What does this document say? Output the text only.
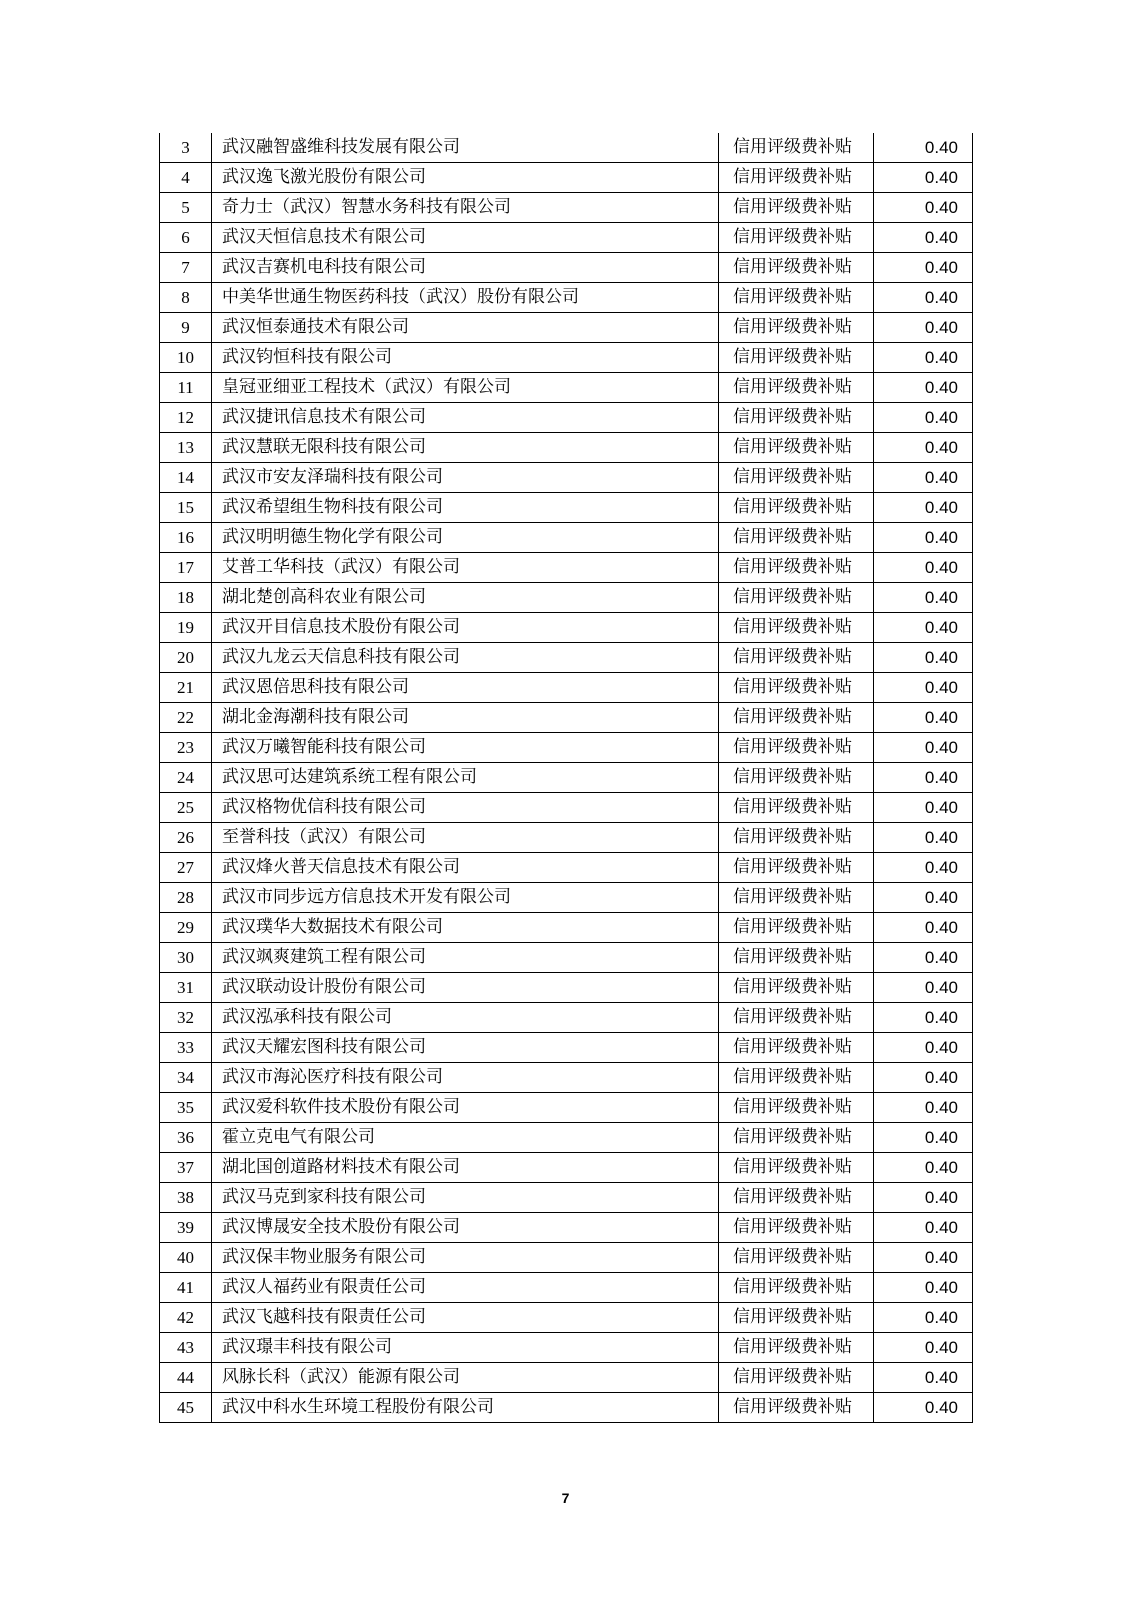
3	武汉融智盛维科技发展有限公司	信用评级费补贴	0.40
4	武汉逸飞激光股份有限公司	信用评级费补贴	0.40
5	奇力士（武汉）智慧水务科技有限公司	信用评级费补贴	0.40
6	武汉天恒信息技术有限公司	信用评级费补贴	0.40
7	武汉吉赛机电科技有限公司	信用评级费补贴	0.40
8	中美华世通生物医药科技（武汉）股份有限公司	信用评级费补贴	0.40
9	武汉恒泰通技术有限公司	信用评级费补贴	0.40
10	武汉钧恒科技有限公司	信用评级费补贴	0.40
11	皇冠亚细亚工程技术（武汉）有限公司	信用评级费补贴	0.40
12	武汉捷讯信息技术有限公司	信用评级费补贴	0.40
13	武汉慧联无限科技有限公司	信用评级费补贴	0.40
14	武汉市安友泽瑞科技有限公司	信用评级费补贴	0.40
15	武汉希望组生物科技有限公司	信用评级费补贴	0.40
16	武汉明明德生物化学有限公司	信用评级费补贴	0.40
17	艾普工华科技（武汉）有限公司	信用评级费补贴	0.40
18	湖北楚创高科农业有限公司	信用评级费补贴	0.40
19	武汉开目信息技术股份有限公司	信用评级费补贴	0.40
20	武汉九龙云天信息科技有限公司	信用评级费补贴	0.40
21	武汉恩倍思科技有限公司	信用评级费补贴	0.40
22	湖北金海潮科技有限公司	信用评级费补贴	0.40
23	武汉万曦智能科技有限公司	信用评级费补贴	0.40
24	武汉思可达建筑系统工程有限公司	信用评级费补贴	0.40
25	武汉格物优信科技有限公司	信用评级费补贴	0.40
26	至誉科技（武汉）有限公司	信用评级费补贴	0.40
27	武汉烽火普天信息技术有限公司	信用评级费补贴	0.40
28	武汉市同步远方信息技术开发有限公司	信用评级费补贴	0.40
29	武汉璞华大数据技术有限公司	信用评级费补贴	0.40
30	武汉飒爽建筑工程有限公司	信用评级费补贴	0.40
31	武汉联动设计股份有限公司	信用评级费补贴	0.40
32	武汉泓承科技有限公司	信用评级费补贴	0.40
33	武汉天耀宏图科技有限公司	信用评级费补贴	0.40
34	武汉市海沁医疗科技有限公司	信用评级费补贴	0.40
35	武汉爱科软件技术股份有限公司	信用评级费补贴	0.40
36	霍立克电气有限公司	信用评级费补贴	0.40
37	湖北国创道路材料技术有限公司	信用评级费补贴	0.40
38	武汉马克到家科技有限公司	信用评级费补贴	0.40
39	武汉博晟安全技术股份有限公司	信用评级费补贴	0.40
40	武汉保丰物业服务有限公司	信用评级费补贴	0.40
41	武汉人福药业有限责任公司	信用评级费补贴	0.40
42	武汉飞越科技有限责任公司	信用评级费补贴	0.40
43	武汉璟丰科技有限公司	信用评级费补贴	0.40
44	风脉长科（武汉）能源有限公司	信用评级费补贴	0.40
45	武汉中科水生环境工程股份有限公司	信用评级费补贴	0.40
7
